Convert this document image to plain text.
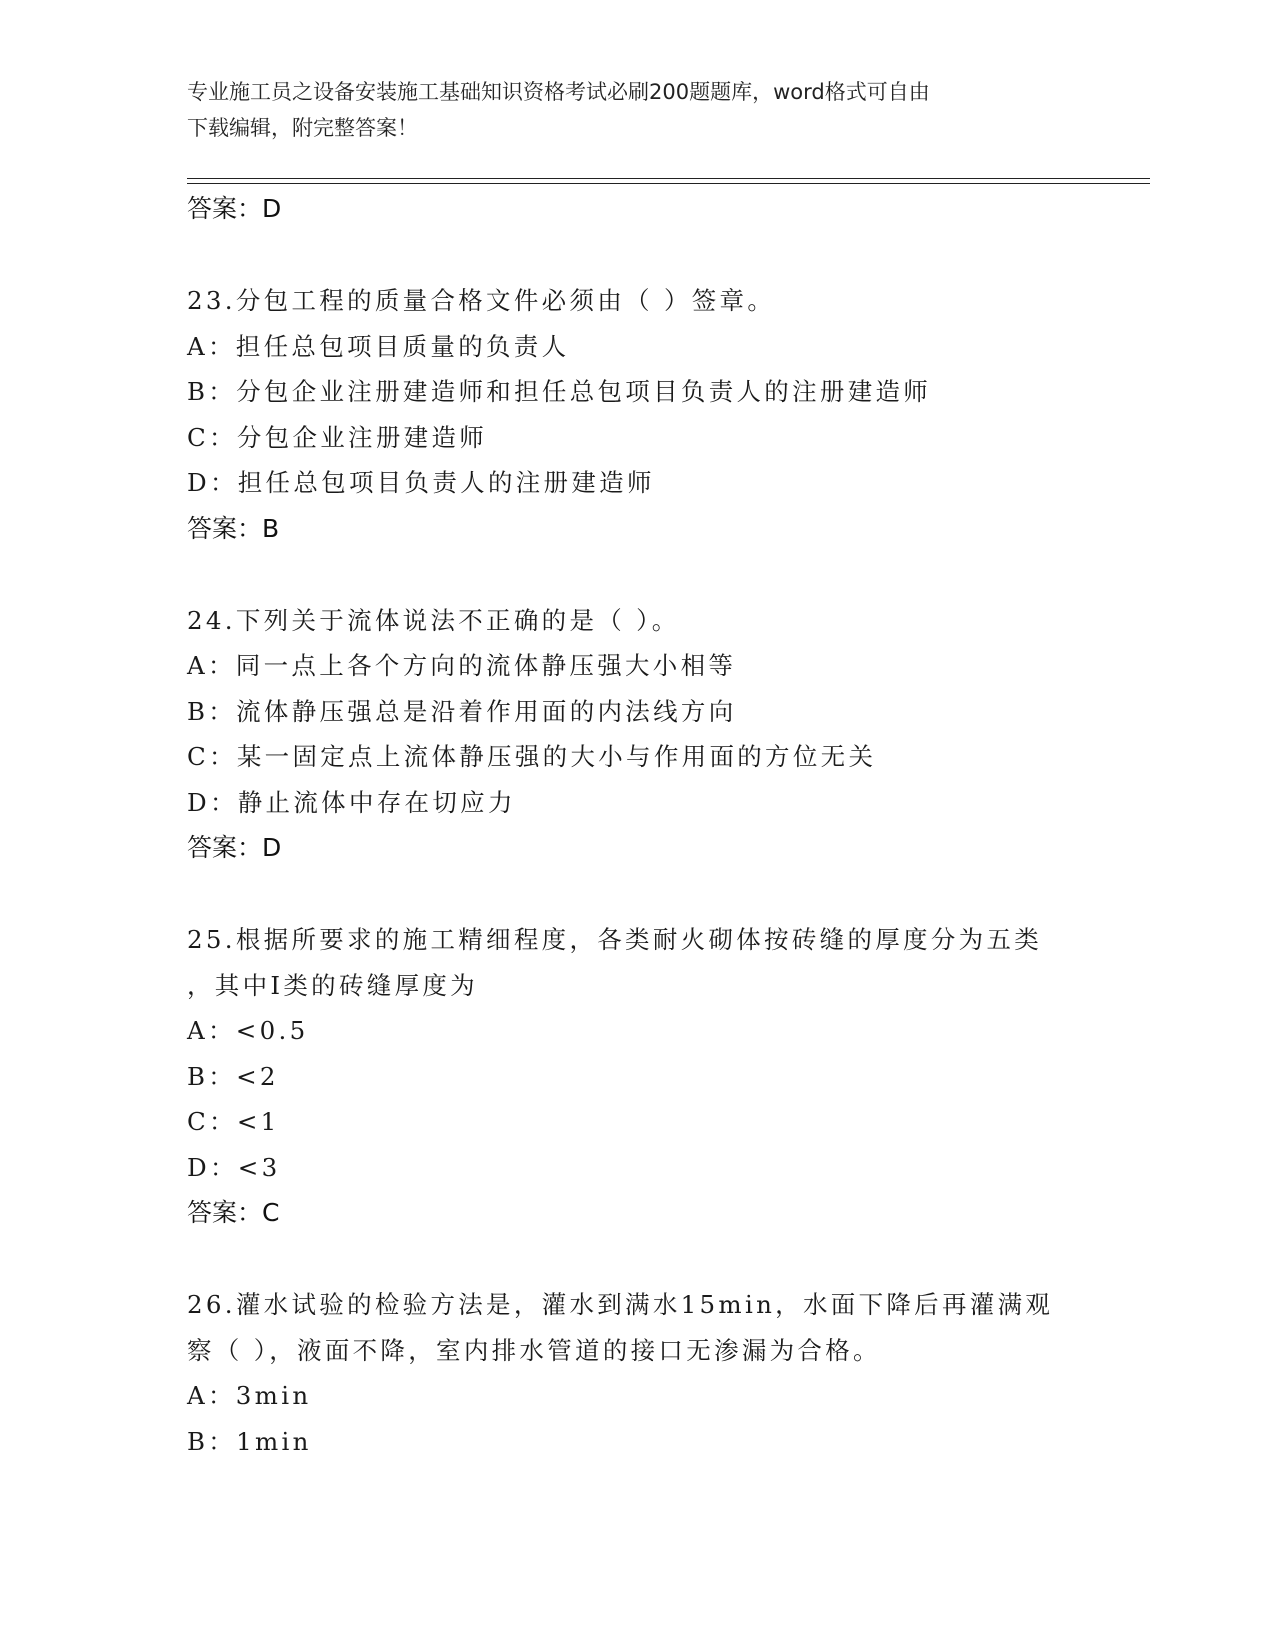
专业施工员之设备安装施工基础知识资格考试必刷200题题库，word格式可自由
下载编辑，附完整答案！
答案：D
23.分包工程的质量合格文件必须由（ ）签章。
A：担任总包项目质量的负责人
B：分包企业注册建造师和担任总包项目负责人的注册建造师
C：分包企业注册建造师
D：担任总包项目负责人的注册建造师
答案：B
24.下列关于流体说法不正确的是（ ）。
A：同一点上各个方向的流体静压强大小相等
B：流体静压强总是沿着作用面的内法线方向
C：某一固定点上流体静压强的大小与作用面的方位无关
D：静止流体中存在切应力
答案：D
25.根据所要求的施工精细程度，各类耐火砌体按砖缝的厚度分为五类
，其中Ⅰ类的砖缝厚度为
A：<0.5
B：<2
C：<1
D：<3
答案：C
26.灌水试验的检验方法是，灌水到满水15min，水面下降后再灌满观
察（ ），液面不降，室内排水管道的接口无渗漏为合格。
A：3min
B：1min
